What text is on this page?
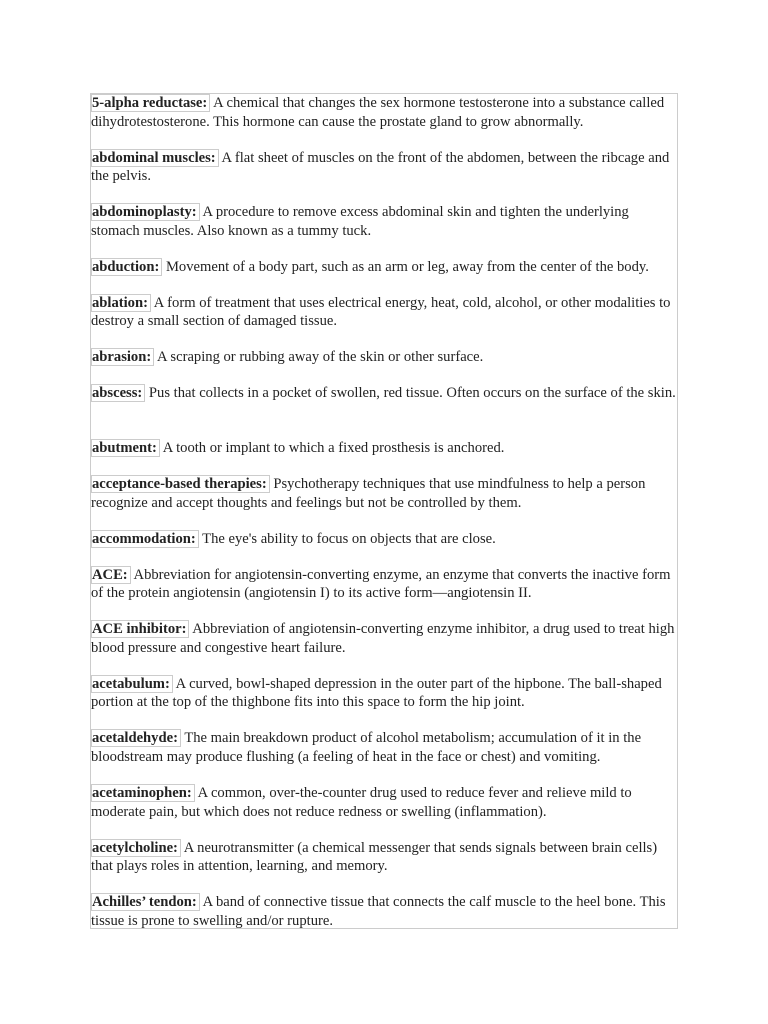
5-alpha reductase: A chemical that changes the sex hormone testosterone into a substance called dihydrotestosterone. This hormone can cause the prostate gland to grow abnormally.

abdominal muscles: A flat sheet of muscles on the front of the abdomen, between the ribcage and the pelvis.

abdominoplasty: A procedure to remove excess abdominal skin and tighten the underlying stomach muscles. Also known as a tummy tuck.

abduction: Movement of a body part, such as an arm or leg, away from the center of the body.

ablation: A form of treatment that uses electrical energy, heat, cold, alcohol, or other modalities to destroy a small section of damaged tissue.

abrasion: A scraping or rubbing away of the skin or other surface.

abscess: Pus that collects in a pocket of swollen, red tissue. Often occurs on the surface of the skin.

abutment: A tooth or implant to which a fixed prosthesis is anchored.

acceptance-based therapies: Psychotherapy techniques that use mindfulness to help a person recognize and accept thoughts and feelings but not be controlled by them.

accommodation: The eye's ability to focus on objects that are close.

ACE: Abbreviation for angiotensin-converting enzyme, an enzyme that converts the inactive form of the protein angiotensin (angiotensin I) to its active form—angiotensin II.

ACE inhibitor: Abbreviation of angiotensin-converting enzyme inhibitor, a drug used to treat high blood pressure and congestive heart failure.

acetabulum: A curved, bowl-shaped depression in the outer part of the hipbone. The ball-shaped portion at the top of the thighbone fits into this space to form the hip joint.

acetaldehyde: The main breakdown product of alcohol metabolism; accumulation of it in the bloodstream may produce flushing (a feeling of heat in the face or chest) and vomiting.

acetaminophen: A common, over-the-counter drug used to reduce fever and relieve mild to moderate pain, but which does not reduce redness or swelling (inflammation).

acetylcholine: A neurotransmitter (a chemical messenger that sends signals between brain cells) that plays roles in attention, learning, and memory.

Achilles’ tendon: A band of connective tissue that connects the calf muscle to the heel bone. This tissue is prone to swelling and/or rupture.
